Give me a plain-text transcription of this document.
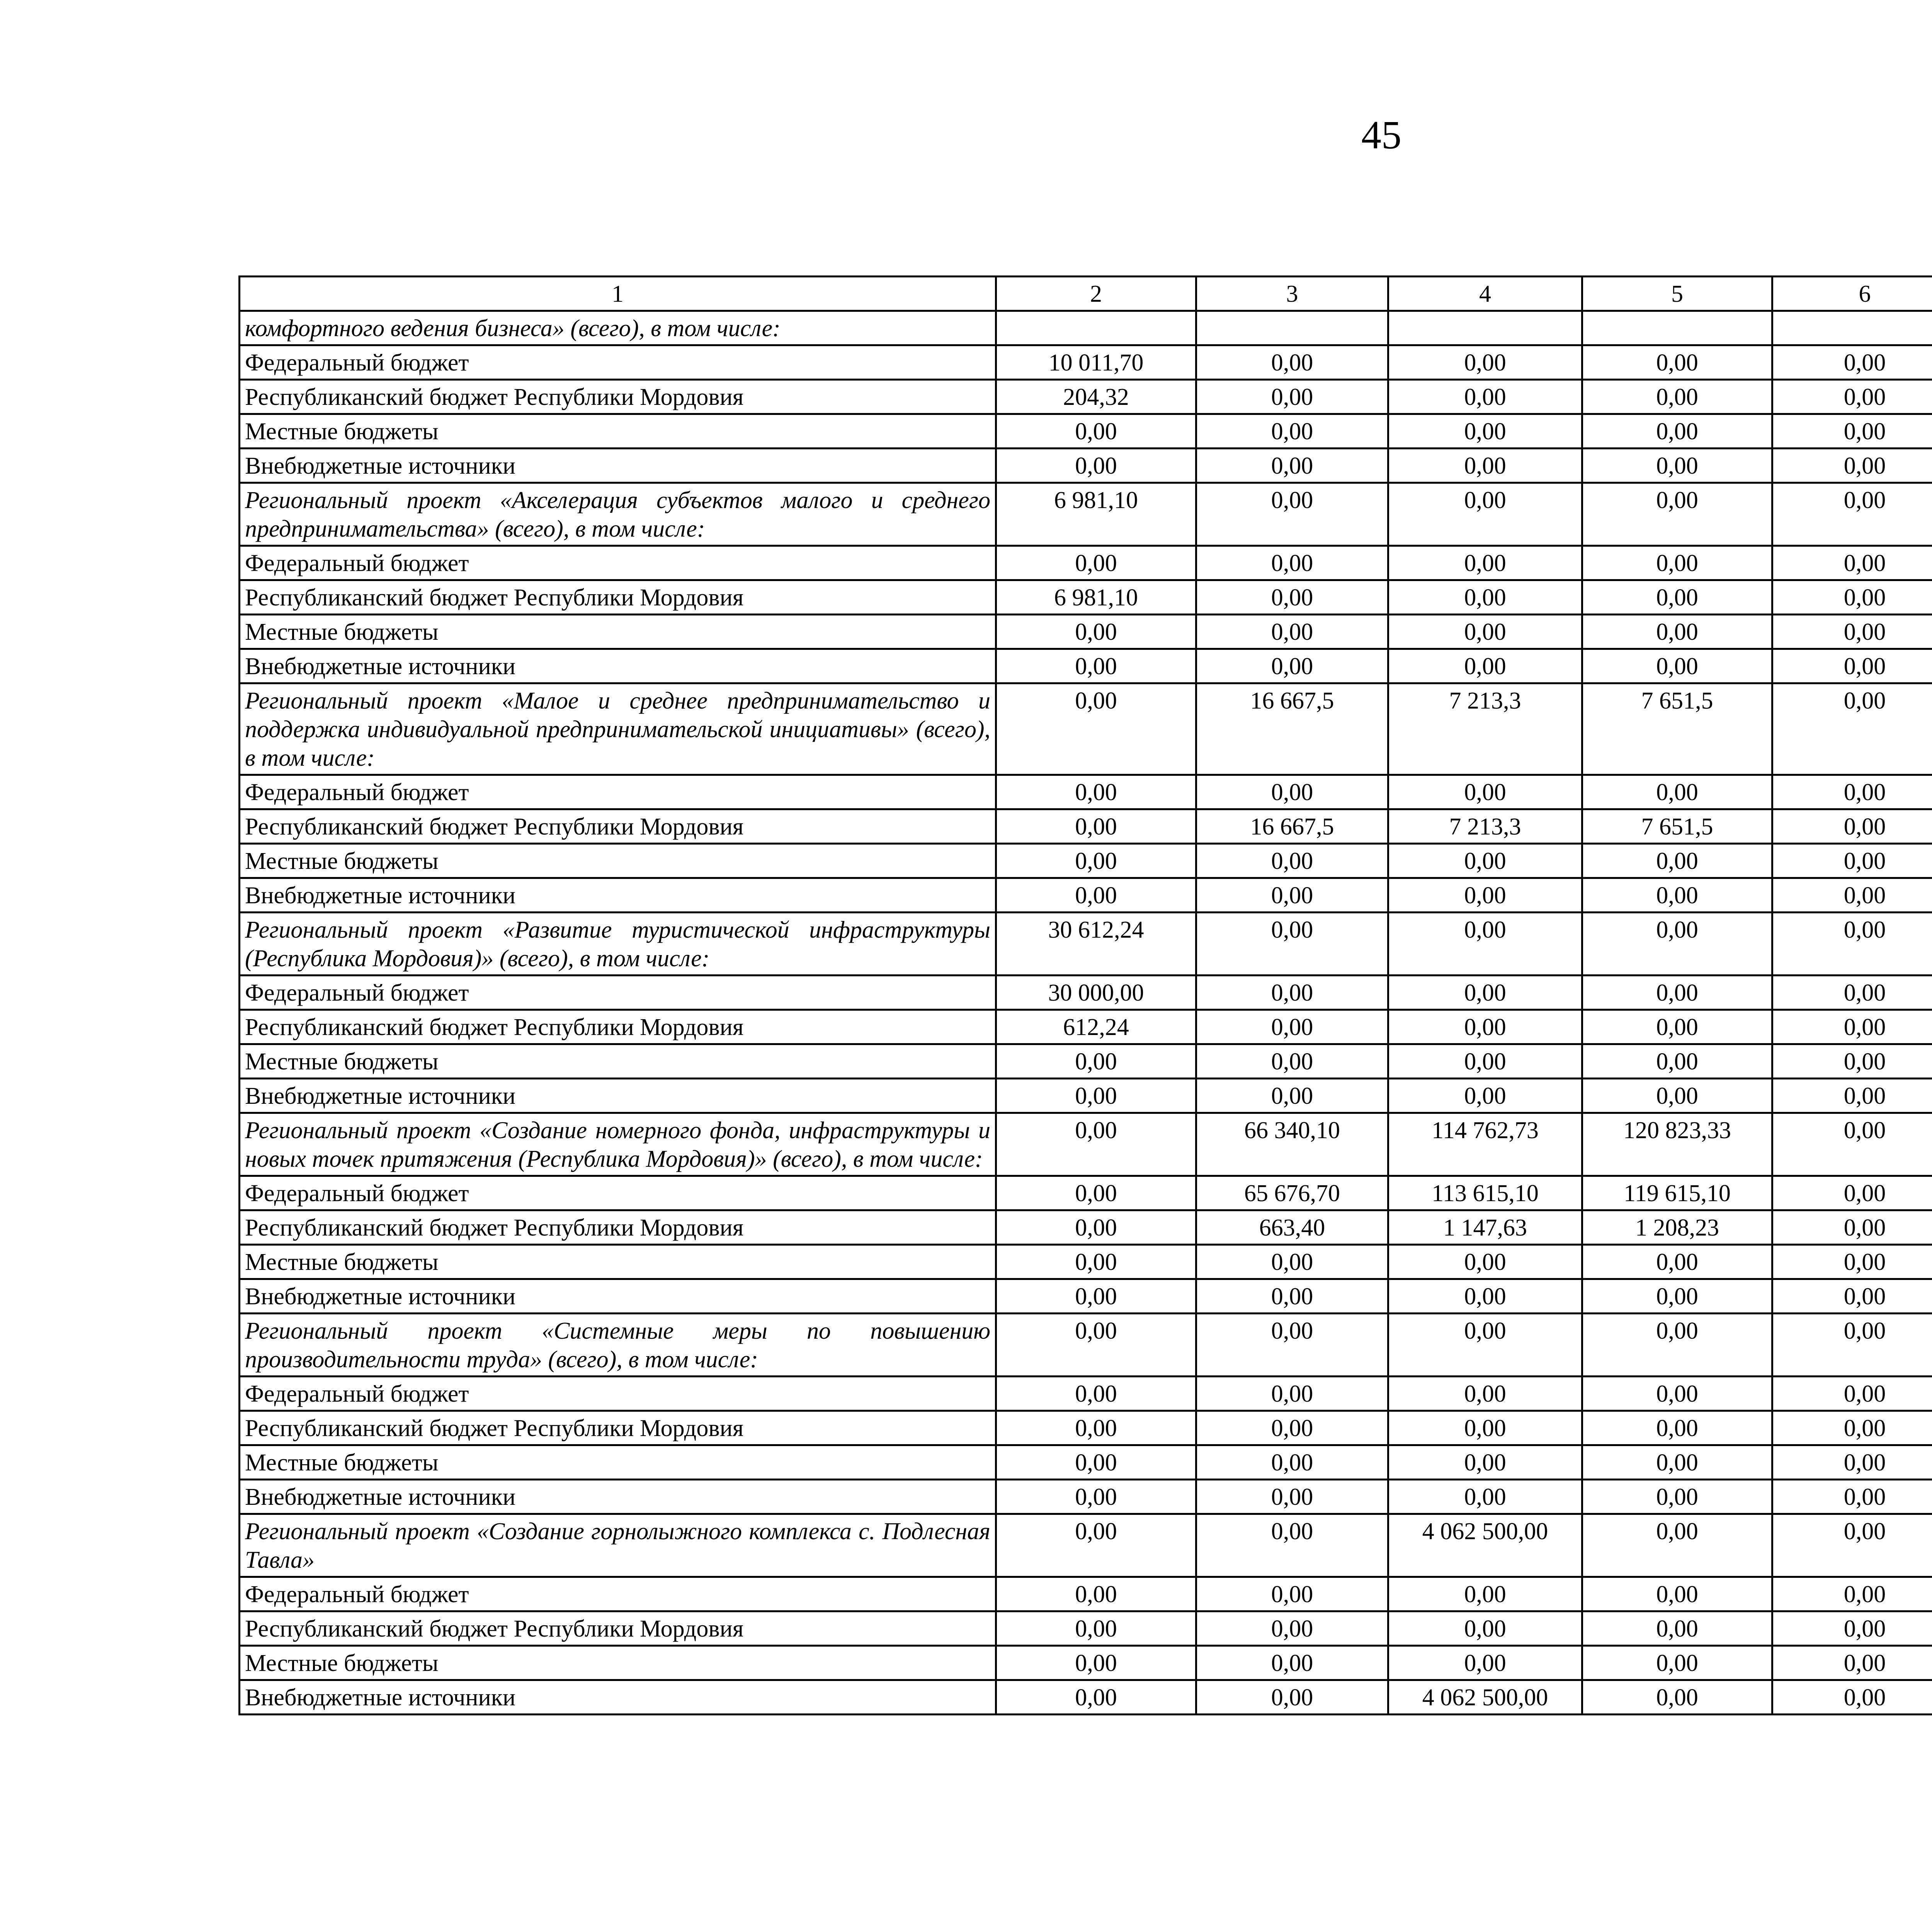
45
1	2	3	4	5	6			
комфортного ведения бизнеса» (всего), в том числе:								
Федеральный бюджет	10 011,70	0,00	0,00	0,00	0,00			
Республиканский бюджет Республики Мордовия	204,32	0,00	0,00	0,00	0,00			
Местные бюджеты	0,00	0,00	0,00	0,00	0,00			
Внебюджетные источники	0,00	0,00	0,00	0,00	0,00			
Региональный проект «Акселерация субъектов малого и среднего предпринимательства» (всего), в том числе:	6 981,10	0,00	0,00	0,00	0,00			
Федеральный бюджет	0,00	0,00	0,00	0,00	0,00			
Республиканский бюджет Республики Мордовия	6 981,10	0,00	0,00	0,00	0,00			
Местные бюджеты	0,00	0,00	0,00	0,00	0,00			
Внебюджетные источники	0,00	0,00	0,00	0,00	0,00			
Региональный проект «Малое и среднее предпринимательство и поддержка индивидуальной предпринимательской инициативы» (всего), в том числе:	0,00	16 667,5	7 213,3	7 651,5	0,00			
Федеральный бюджет	0,00	0,00	0,00	0,00	0,00			
Республиканский бюджет Республики Мордовия	0,00	16 667,5	7 213,3	7 651,5	0,00			
Местные бюджеты	0,00	0,00	0,00	0,00	0,00			
Внебюджетные источники	0,00	0,00	0,00	0,00	0,00			
Региональный проект «Развитие туристической инфраструктуры (Республика Мордовия)» (всего), в том числе:	30 612,24	0,00	0,00	0,00	0,00			
Федеральный бюджет	30 000,00	0,00	0,00	0,00	0,00			
Республиканский бюджет Республики Мордовия	612,24	0,00	0,00	0,00	0,00			
Местные бюджеты	0,00	0,00	0,00	0,00	0,00			
Внебюджетные источники	0,00	0,00	0,00	0,00	0,00			
Региональный проект «Создание номерного фонда, инфраструктуры и новых точек притяжения (Республика Мордовия)» (всего), в том числе:	0,00	66 340,10	114 762,73	120 823,33	0,00			
Федеральный бюджет	0,00	65 676,70	113 615,10	119 615,10	0,00			
Республиканский бюджет Республики Мордовия	0,00	663,40	1 147,63	1 208,23	0,00			
Местные бюджеты	0,00	0,00	0,00	0,00	0,00			
Внебюджетные источники	0,00	0,00	0,00	0,00	0,00			
Региональный проект «Системные меры по повышению производительности труда» (всего), в том числе:	0,00	0,00	0,00	0,00	0,00			
Федеральный бюджет	0,00	0,00	0,00	0,00	0,00			
Республиканский бюджет Республики Мордовия	0,00	0,00	0,00	0,00	0,00			
Местные бюджеты	0,00	0,00	0,00	0,00	0,00			
Внебюджетные источники	0,00	0,00	0,00	0,00	0,00			
Региональный проект «Создание горнолыжного комплекса с. Подлесная Тавла»	0,00	0,00	4 062 500,00	0,00	0,00			
Федеральный бюджет	0,00	0,00	0,00	0,00	0,00			
Республиканский бюджет Республики Мордовия	0,00	0,00	0,00	0,00	0,00			
Местные бюджеты	0,00	0,00	0,00	0,00	0,00			
Внебюджетные источники	0,00	0,00	4 062 500,00	0,00	0,00			
